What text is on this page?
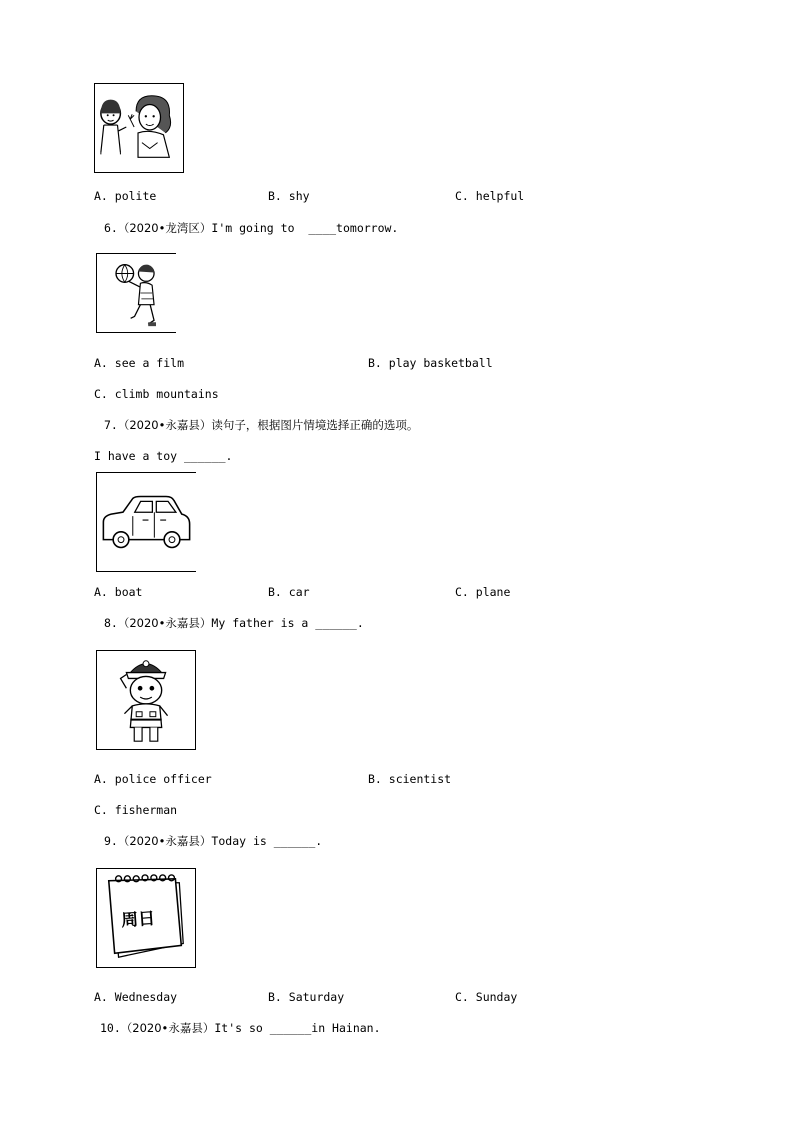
A. polite	B. shy	C. helpful
6.（2020•龙湾区）I'm going to  ____tomorrow.
A. see a film	B. play basketball
C. climb mountains
7.（2020•永嘉县）读句子，根据图片情境选择正确的选项。
I have a toy ______.
A. boat	B. car	C. plane
8.（2020•永嘉县）My father is a ______.
A. police officer	B. scientist
C. fisherman
9.（2020•永嘉县）Today is ______.
周日
A. Wednesday	B. Saturday	C. Sunday
10.（2020•永嘉县）It's so ______in Hainan.
